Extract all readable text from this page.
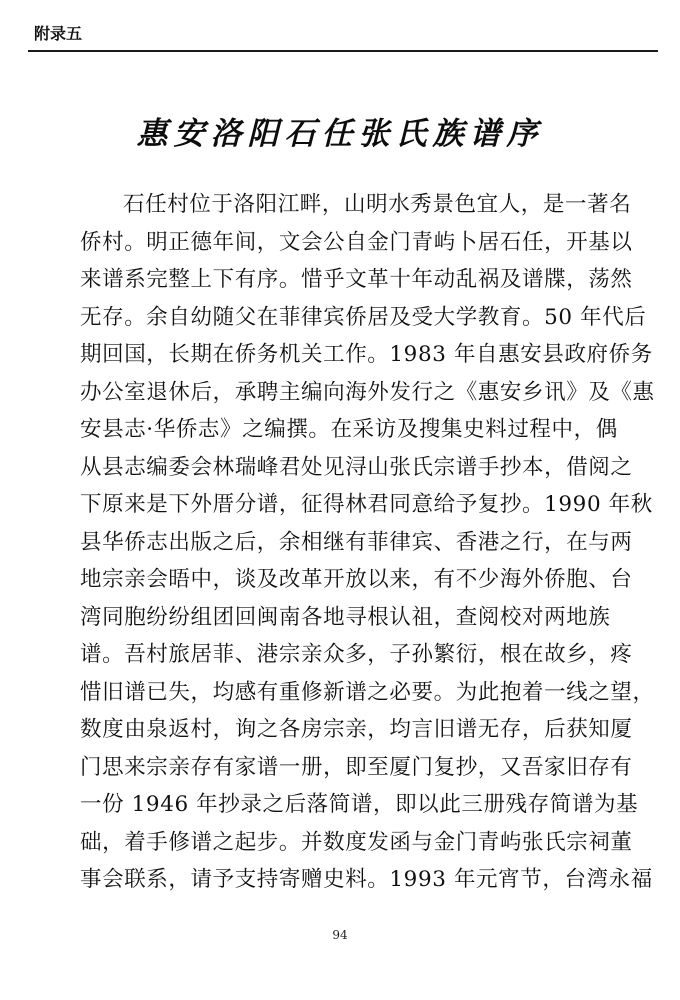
附录五
惠安洛阳石任张氏族谱序
石任村位于洛阳江畔，山明水秀景色宜人，是一著名
侨村。明正德年间，文会公自金门青屿卜居石任，开基以
来谱系完整上下有序。惜乎文革十年动乱祸及谱牒，荡然
无存。余自幼随父在菲律宾侨居及受大学教育。50 年代后
期回国，长期在侨务机关工作。1983 年自惠安县政府侨务
办公室退休后，承聘主编向海外发行之《惠安乡讯》及《惠
安县志·华侨志》之编撰。在采访及搜集史料过程中，偶
从县志编委会林瑞峰君处见浔山张氏宗谱手抄本，借阅之
下原来是下外厝分谱，征得林君同意给予复抄。1990 年秋
县华侨志出版之后，余相继有菲律宾、香港之行，在与两
地宗亲会晤中，谈及改革开放以来，有不少海外侨胞、台
湾同胞纷纷组团回闽南各地寻根认祖，查阅校对两地族
谱。吾村旅居菲、港宗亲众多，子孙繁衍，根在故乡，疼
惜旧谱已失，均感有重修新谱之必要。为此抱着一线之望，
数度由泉返村，询之各房宗亲，均言旧谱无存，后获知厦
门思来宗亲存有家谱一册，即至厦门复抄，又吾家旧存有
一份 1946 年抄录之后落简谱，即以此三册残存简谱为基
础，着手修谱之起步。并数度发函与金门青屿张氏宗祠董
事会联系，请予支持寄赠史料。1993 年元宵节，台湾永福
94
